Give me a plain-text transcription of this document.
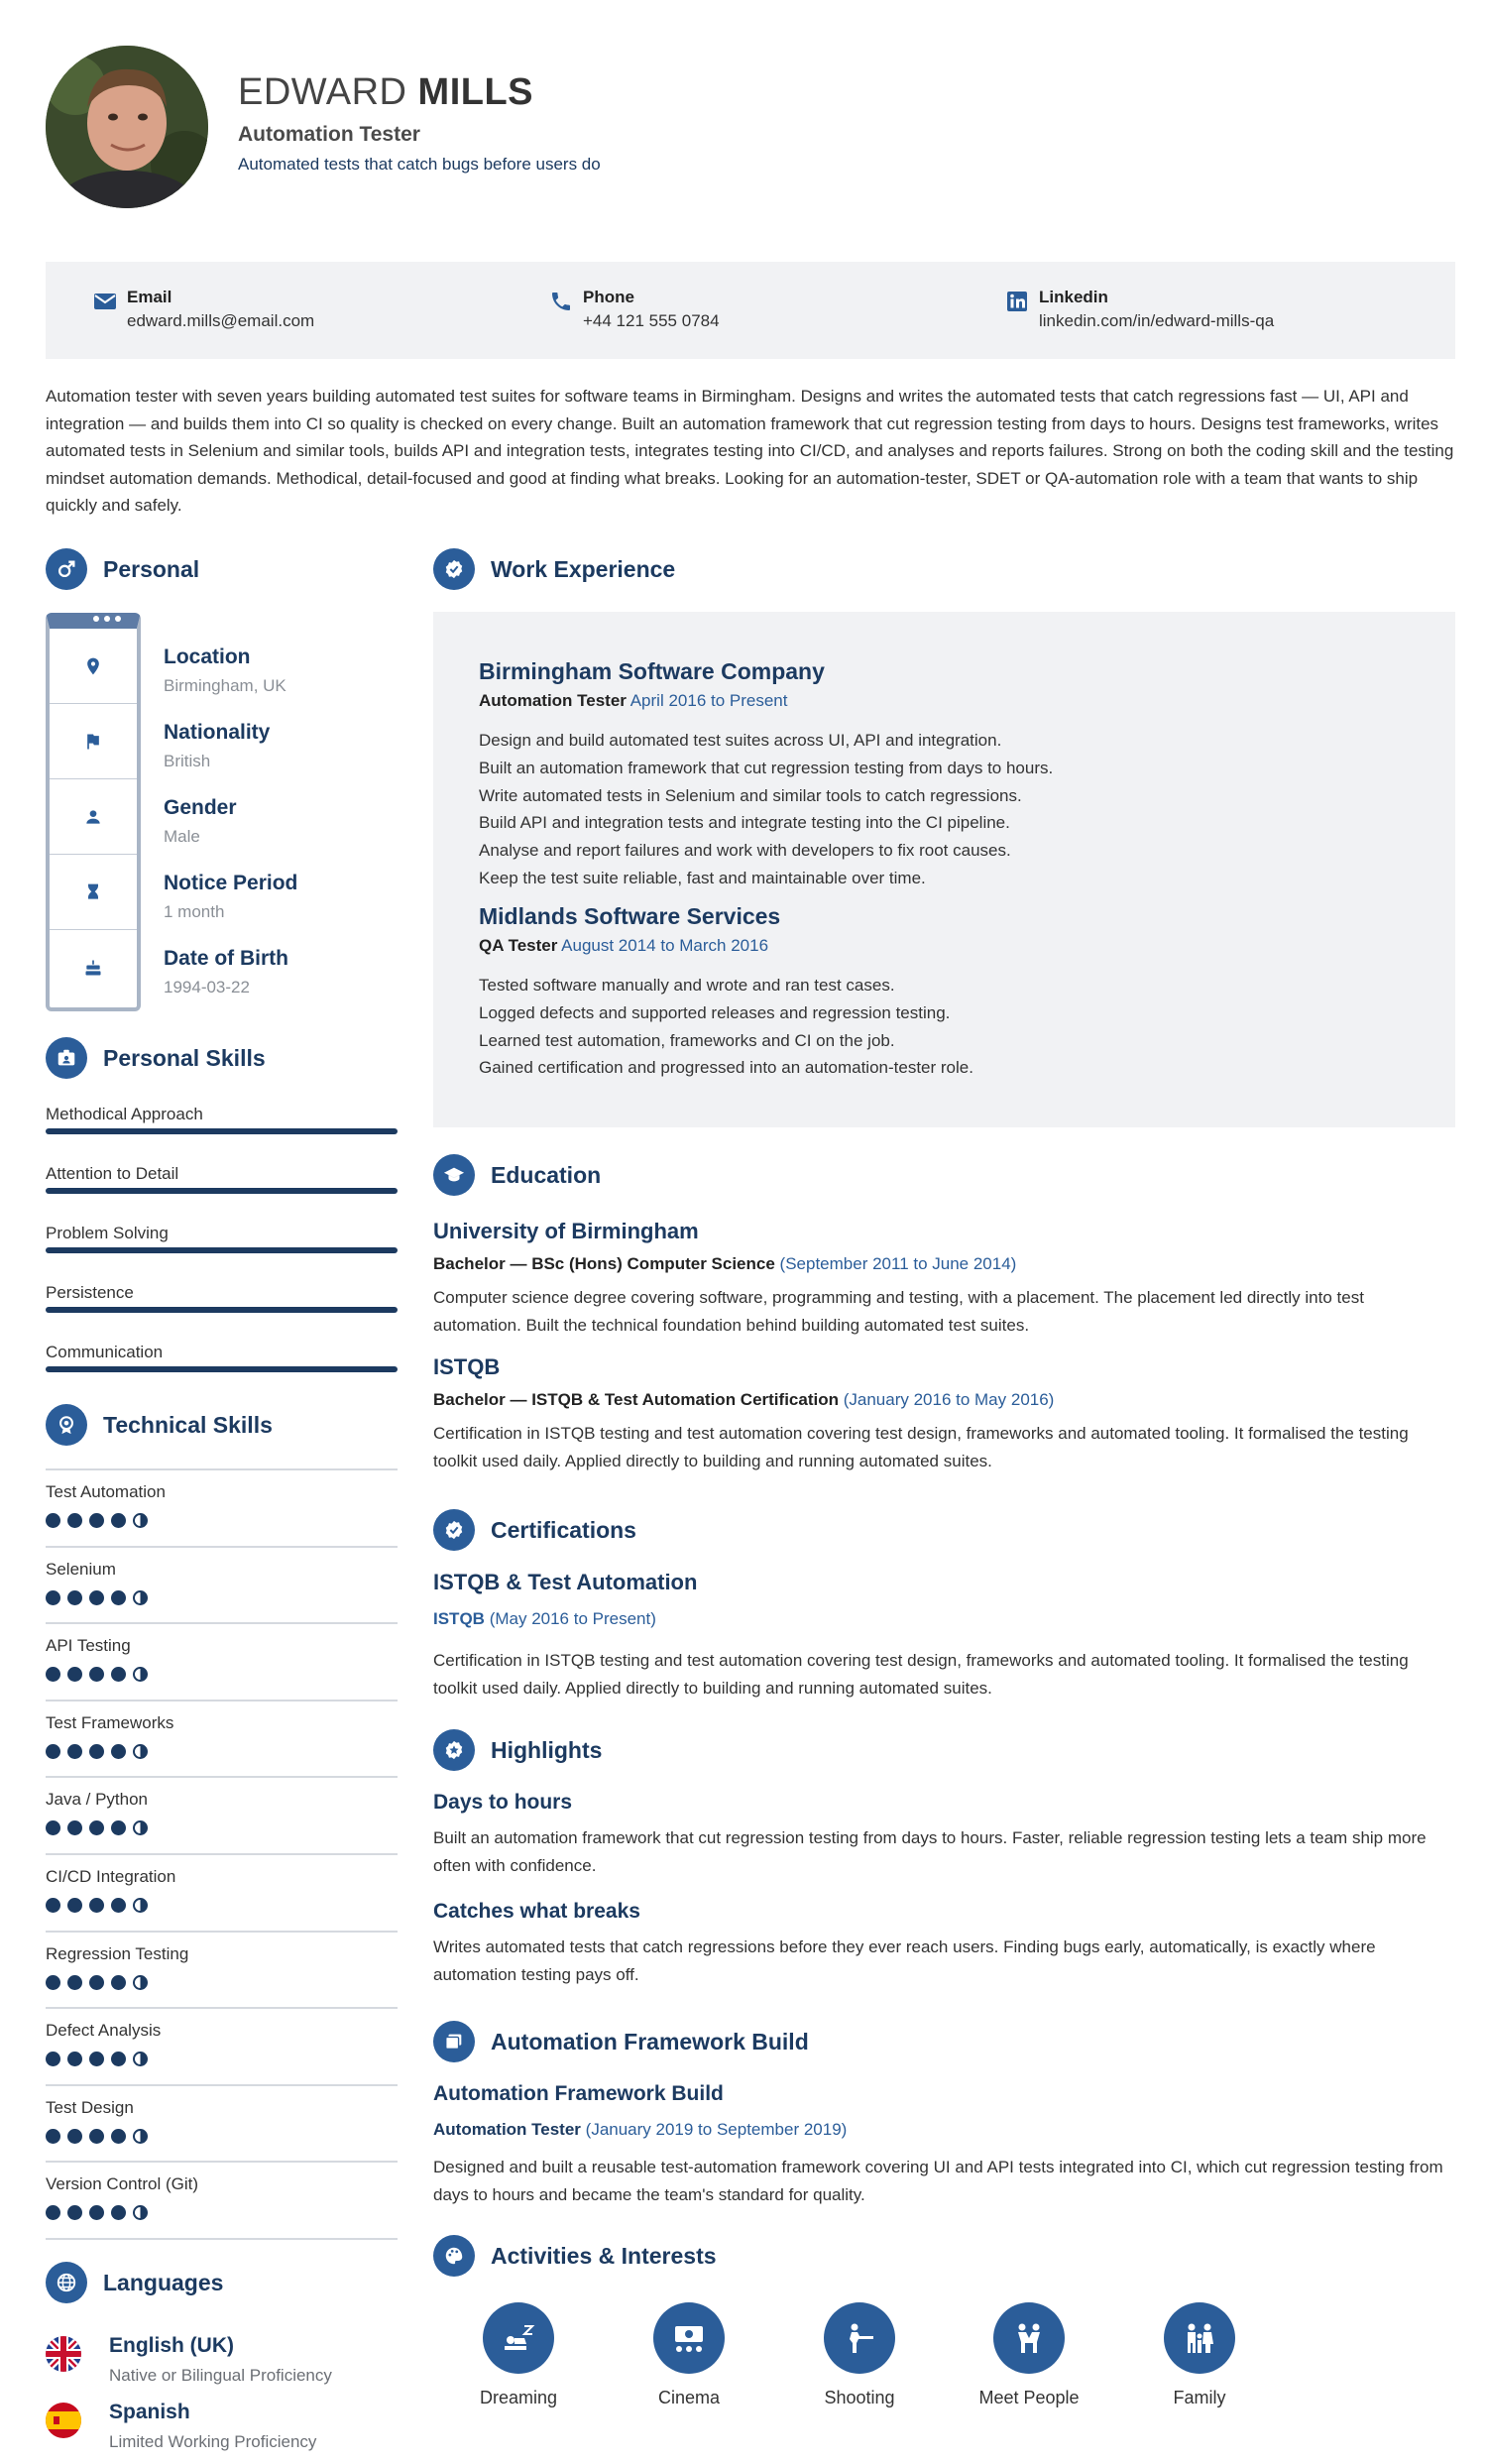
EDWARD MILLS
Automation Tester
Automated tests that catch bugs before users do
Email
edward.mills@email.com
Phone
+44 121 555 0784
Linkedin
linkedin.com/in/edward-mills-qa
Automation tester with seven years building automated test suites for software teams in Birmingham. Designs and writes the automated tests that catch regressions fast — UI, API and integration — and builds them into CI so quality is checked on every change. Built an automation framework that cut regression testing from days to hours. Designs test frameworks, writes automated tests in Selenium and similar tools, builds API and integration tests, integrates testing into CI/CD, and analyses and reports failures. Strong on both the coding skill and the testing mindset automation demands. Methodical, detail-focused and good at finding what breaks. Looking for an automation-tester, SDET or QA-automation role with a team that wants to ship quickly and safely.
Personal
Location
Birmingham, UK
Nationality
British
Gender
Male
Notice Period
1 month
Date of Birth
1994-03-22
Personal Skills
Methodical Approach
Attention to Detail
Problem Solving
Persistence
Communication
Technical Skills
Test Automation
Selenium
API Testing
Test Frameworks
Java / Python
CI/CD Integration
Regression Testing
Defect Analysis
Test Design
Version Control (Git)
Languages
English (UK)
Native or Bilingual Proficiency
Spanish
Limited Working Proficiency
Work Experience
Birmingham Software Company
Automation Tester April 2016 to Present
Design and build automated test suites across UI, API and integration.
Built an automation framework that cut regression testing from days to hours.
Write automated tests in Selenium and similar tools to catch regressions.
Build API and integration tests and integrate testing into the CI pipeline.
Analyse and report failures and work with developers to fix root causes.
Keep the test suite reliable, fast and maintainable over time.
Midlands Software Services
QA Tester August 2014 to March 2016
Tested software manually and wrote and ran test cases.
Logged defects and supported releases and regression testing.
Learned test automation, frameworks and CI on the job.
Gained certification and progressed into an automation-tester role.
Education
University of Birmingham
Bachelor — BSc (Hons) Computer Science (September 2011 to June 2014)
Computer science degree covering software, programming and testing, with a placement. The placement led directly into test automation. Built the technical foundation behind building automated test suites.
ISTQB
Bachelor — ISTQB & Test Automation Certification (January 2016 to May 2016)
Certification in ISTQB testing and test automation covering test design, frameworks and automated tooling. It formalised the testing toolkit used daily. Applied directly to building and running automated suites.
Certifications
ISTQB & Test Automation
ISTQB (May 2016 to Present)
Certification in ISTQB testing and test automation covering test design, frameworks and automated tooling. It formalised the testing toolkit used daily. Applied directly to building and running automated suites.
Highlights
Days to hours
Built an automation framework that cut regression testing from days to hours. Faster, reliable regression testing lets a team ship more often with confidence.
Catches what breaks
Writes automated tests that catch regressions before they ever reach users. Finding bugs early, automatically, is exactly where automation testing pays off.
Automation Framework Build
Automation Framework Build
Automation Tester (January 2019 to September 2019)
Designed and built a reusable test-automation framework covering UI and API tests integrated into CI, which cut regression testing from days to hours and became the team's standard for quality.
Activities & Interests
Dreaming	Cinema	Shooting	Meet People	Family
